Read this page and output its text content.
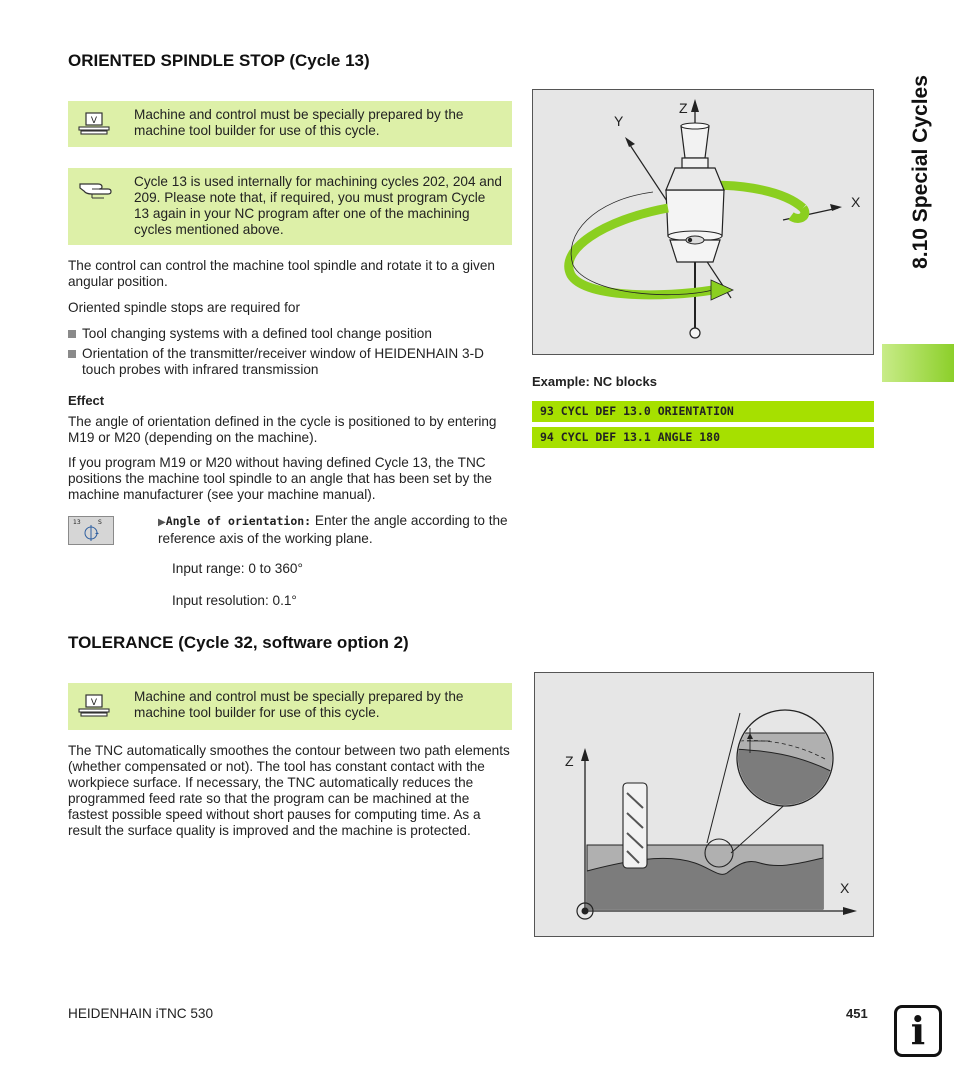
8.10 Special Cycles
ORIENTED SPINDLE STOP (Cycle 13)
V	Machine and control must be specially prepared by the machine tool builder for use of this cycle.
Cycle 13 is used internally for machining cycles 202, 204 and 209. Please note that, if required, you must program Cycle 13 again in your NC program after one of the machining cycles mentioned above.

The control can control the machine tool spindle and rotate it to a given angular position.

Oriented spindle stops are required for

Tool changing systems with a defined tool change position
Orientation of the transmitter/receiver window of HEIDENHAIN 3-D touch probes with infrared transmission

Effect

The angle of orientation defined in the cycle is positioned to by entering M19 or M20 (depending on the machine).

If you program M19 or M20 without having defined Cycle 13, the TNC positions the machine tool spindle to an angle that has been set by the machine manufacturer (see your machine manual).

13	S	▶Angle of orientation: Enter the angle according to the reference axis of the working plane.
Input range: 0 to 360°
Input resolution: 0.1°
TOLERANCE (Cycle 32, software option 2)
V	Machine and control must be specially prepared by the machine tool builder for use of this cycle.

The TNC automatically smoothes the contour between two path elements (whether compensated or not). The tool has constant contact with the workpiece surface. If necessary, the TNC automatically reduces the programmed feed rate so that the program can be machined at the fastest possible speed without short pauses for computing time. As a result the surface quality is improved and the machine is protected.

Z
Y
X
Example: NC blocks
93 CYCL DEF 13.0 ORIENTATION
94 CYCL DEF 13.1 ANGLE 180
Z
X
HEIDENHAIN iTNC 530	451	i
